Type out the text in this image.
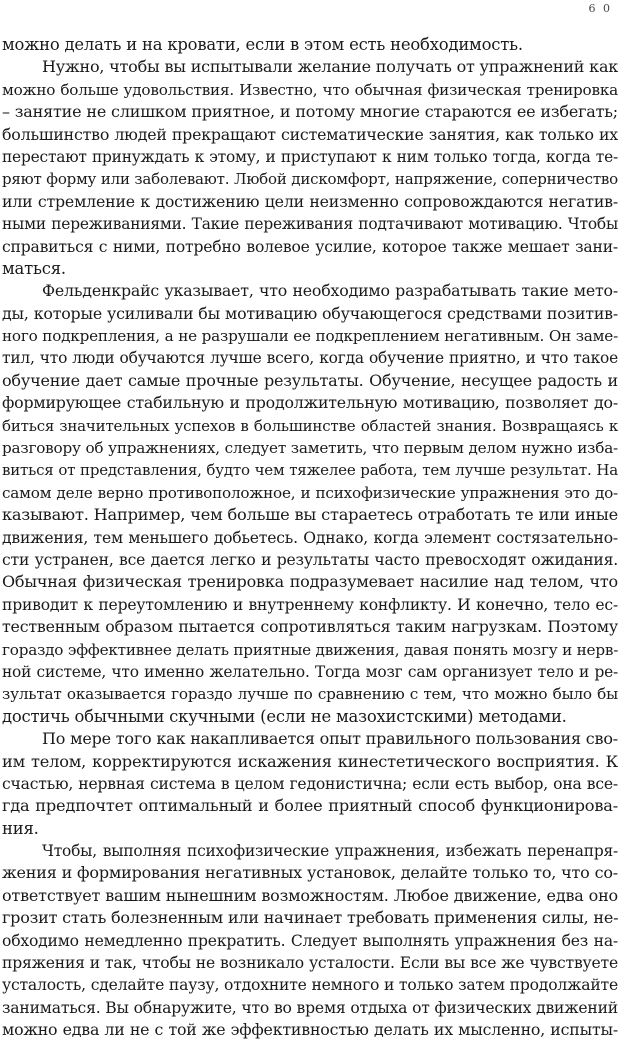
6 0
можно делать и на кровати, если в этом есть необходимость.
Нужно, чтобы вы испытывали желание получать от упражнений как
можно больше удовольствия. Известно, что обычная физическая тренировка
– занятие не слишком приятное, и потому многие стараются ее избегать;
большинство людей прекращают систематические занятия, как только их
перестают принуждать к этому, и приступают к ним только тогда, когда те-
ряют форму или заболевают. Любой дискомфорт, напряжение, соперничество
или стремление к достижению цели неизменно сопровождаются негатив-
ными переживаниями. Такие переживания подтачивают мотивацию. Чтобы
справиться с ними, потребно волевое усилие, которое также мешает зани-
маться.
Фельденкрайс указывает, что необходимо разрабатывать такие мето-
ды, которые усиливали бы мотивацию обучающегося средствами позитив-
ного подкрепления, а не разрушали ее подкреплением негативным. Он заме-
тил, что люди обучаются лучше всего, когда обучение приятно, и что такое
обучение дает самые прочные результаты. Обучение, несущее радость и
формирующее стабильную и продолжительную мотивацию, позволяет до-
биться значительных успехов в большинстве областей знания. Возвращаясь к
разговору об упражнениях, следует заметить, что первым делом нужно изба-
виться от представления, будто чем тяжелее работа, тем лучше результат. На
самом деле верно противоположное, и психофизические упражнения это до-
казывают. Например, чем больше вы стараетесь отработать те или иные
движения, тем меньшего добьетесь. Однако, когда элемент состязательно-
сти устранен, все дается легко и результаты часто превосходят ожидания.
Обычная физическая тренировка подразумевает насилие над телом, что
приводит к переутомлению и внутреннему конфликту. И конечно, тело ес-
тественным образом пытается сопротивляться таким нагрузкам. Поэтому
гораздо эффективнее делать приятные движения, давая понять мозгу и нерв-
ной системе, что именно желательно. Тогда мозг сам организует тело и ре-
зультат оказывается гораздо лучше по сравнению с тем, что можно было бы
достичь обычными скучными (если не мазохистскими) методами.
По мере того как накапливается опыт правильного пользования сво-
им телом, корректируются искажения кинестетического восприятия. К
счастью, нервная система в целом гедонистична; если есть выбор, она все-
гда предпочтет оптимальный и более приятный способ функционирова-
ния.
Чтобы, выполняя психофизические упражнения, избежать перенапря-
жения и формирования негативных установок, делайте только то, что со-
ответствует вашим нынешним возможностям. Любое движение, едва оно
грозит стать болезненным или начинает требовать применения силы, не-
обходимо немедленно прекратить. Следует выполнять упражнения без на-
пряжения и так, чтобы не возникало усталости. Если вы все же чувствуете
усталость, сделайте паузу, отдохните немного и только затем продолжайте
заниматься. Вы обнаружите, что во время отдыха от физических движений
можно едва ли не с той же эффективностью делать их мысленно, испыты-
